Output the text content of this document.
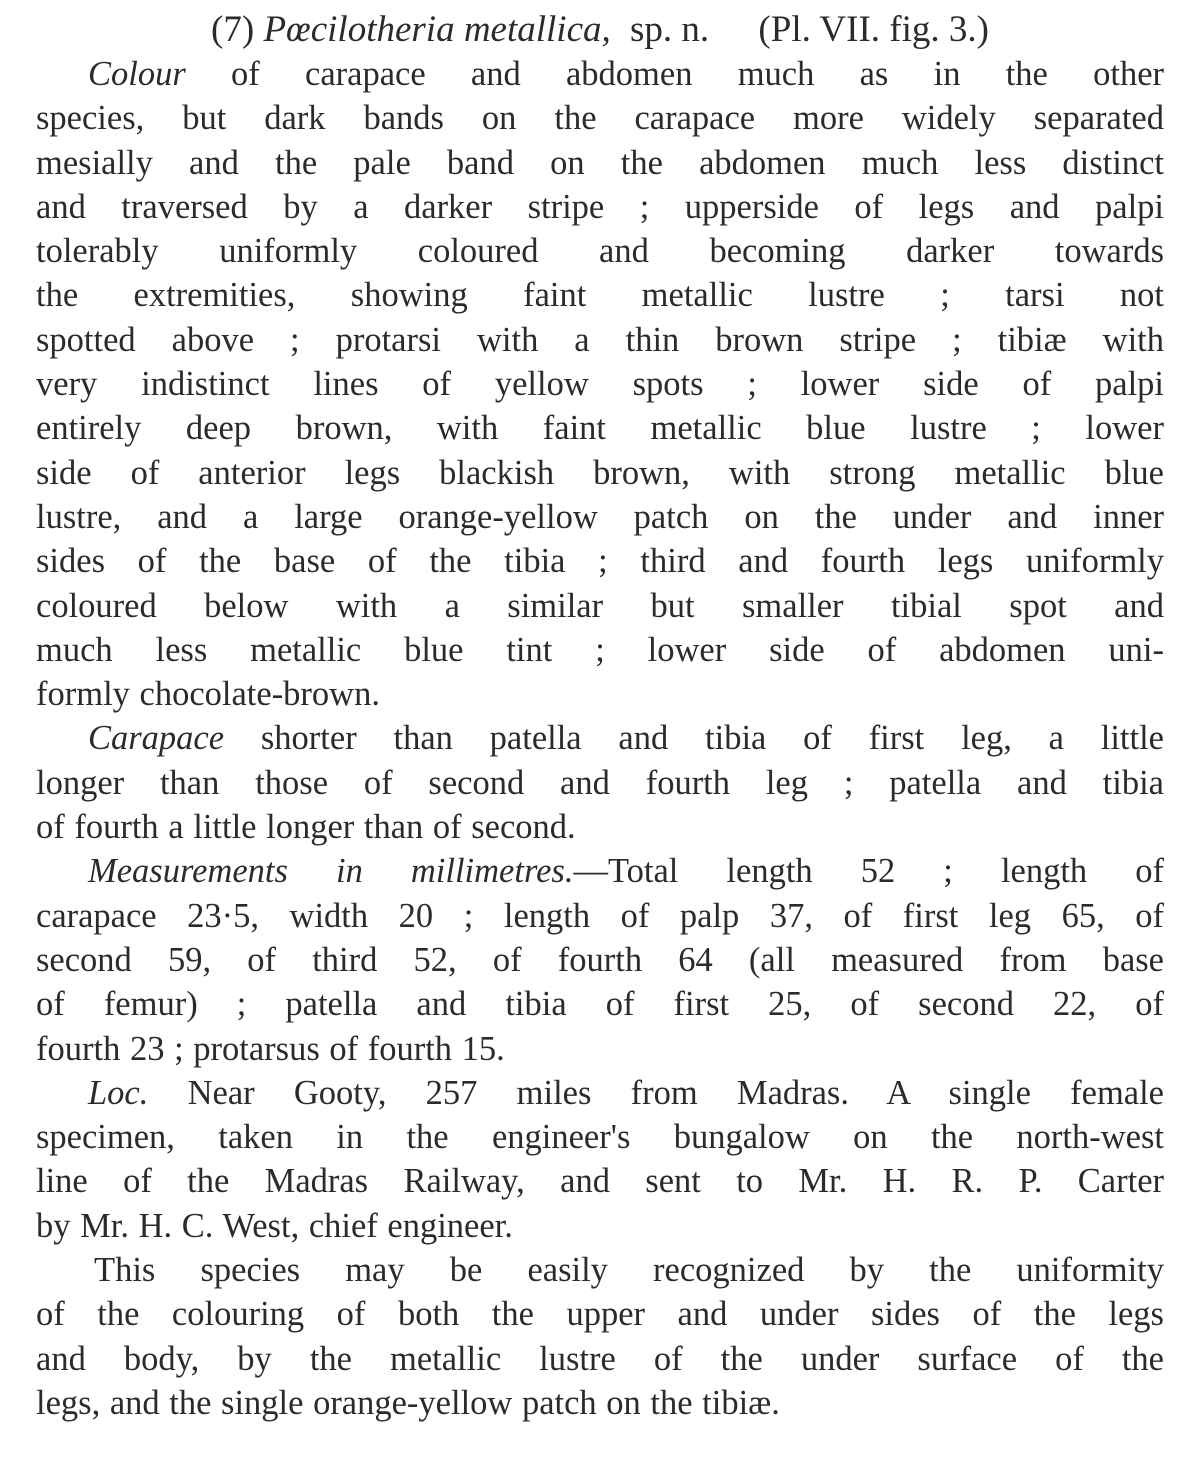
(7) Pœcilotheria metallica, sp. n. (Pl. VII. fig. 3.)
Colour of carapace and abdomen much as in the other
species, but dark bands on the carapace more widely separated
mesially and the pale band on the abdomen much less distinct
and traversed by a darker stripe ; upperside of legs and palpi
tolerably uniformly coloured and becoming darker towards
the extremities, showing faint metallic lustre ; tarsi not
spotted above ; protarsi with a thin brown stripe ; tibiæ with
very indistinct lines of yellow spots ; lower side of palpi
entirely deep brown, with faint metallic blue lustre ; lower
side of anterior legs blackish brown, with strong metallic blue
lustre, and a large orange-yellow patch on the under and inner
sides of the base of the tibia ; third and fourth legs uniformly
coloured below with a similar but smaller tibial spot and
much less metallic blue tint ; lower side of abdomen uni-
formly chocolate-brown.
Carapace shorter than patella and tibia of first leg, a little
longer than those of second and fourth leg ; patella and tibia
of fourth a little longer than of second.
Measurements in millimetres.—Total length 52 ; length of
carapace 23·5, width 20 ; length of palp 37, of first leg 65, of
second 59, of third 52, of fourth 64 (all measured from base
of femur) ; patella and tibia of first 25, of second 22, of
fourth 23 ; protarsus of fourth 15.
Loc. Near Gooty, 257 miles from Madras. A single female
specimen, taken in the engineer's bungalow on the north-west
line of the Madras Railway, and sent to Mr. H. R. P. Carter
by Mr. H. C. West, chief engineer.
This species may be easily recognized by the uniformity
of the colouring of both the upper and under sides of the legs
and body, by the metallic lustre of the under surface of the
legs, and the single orange-yellow patch on the tibiæ.
